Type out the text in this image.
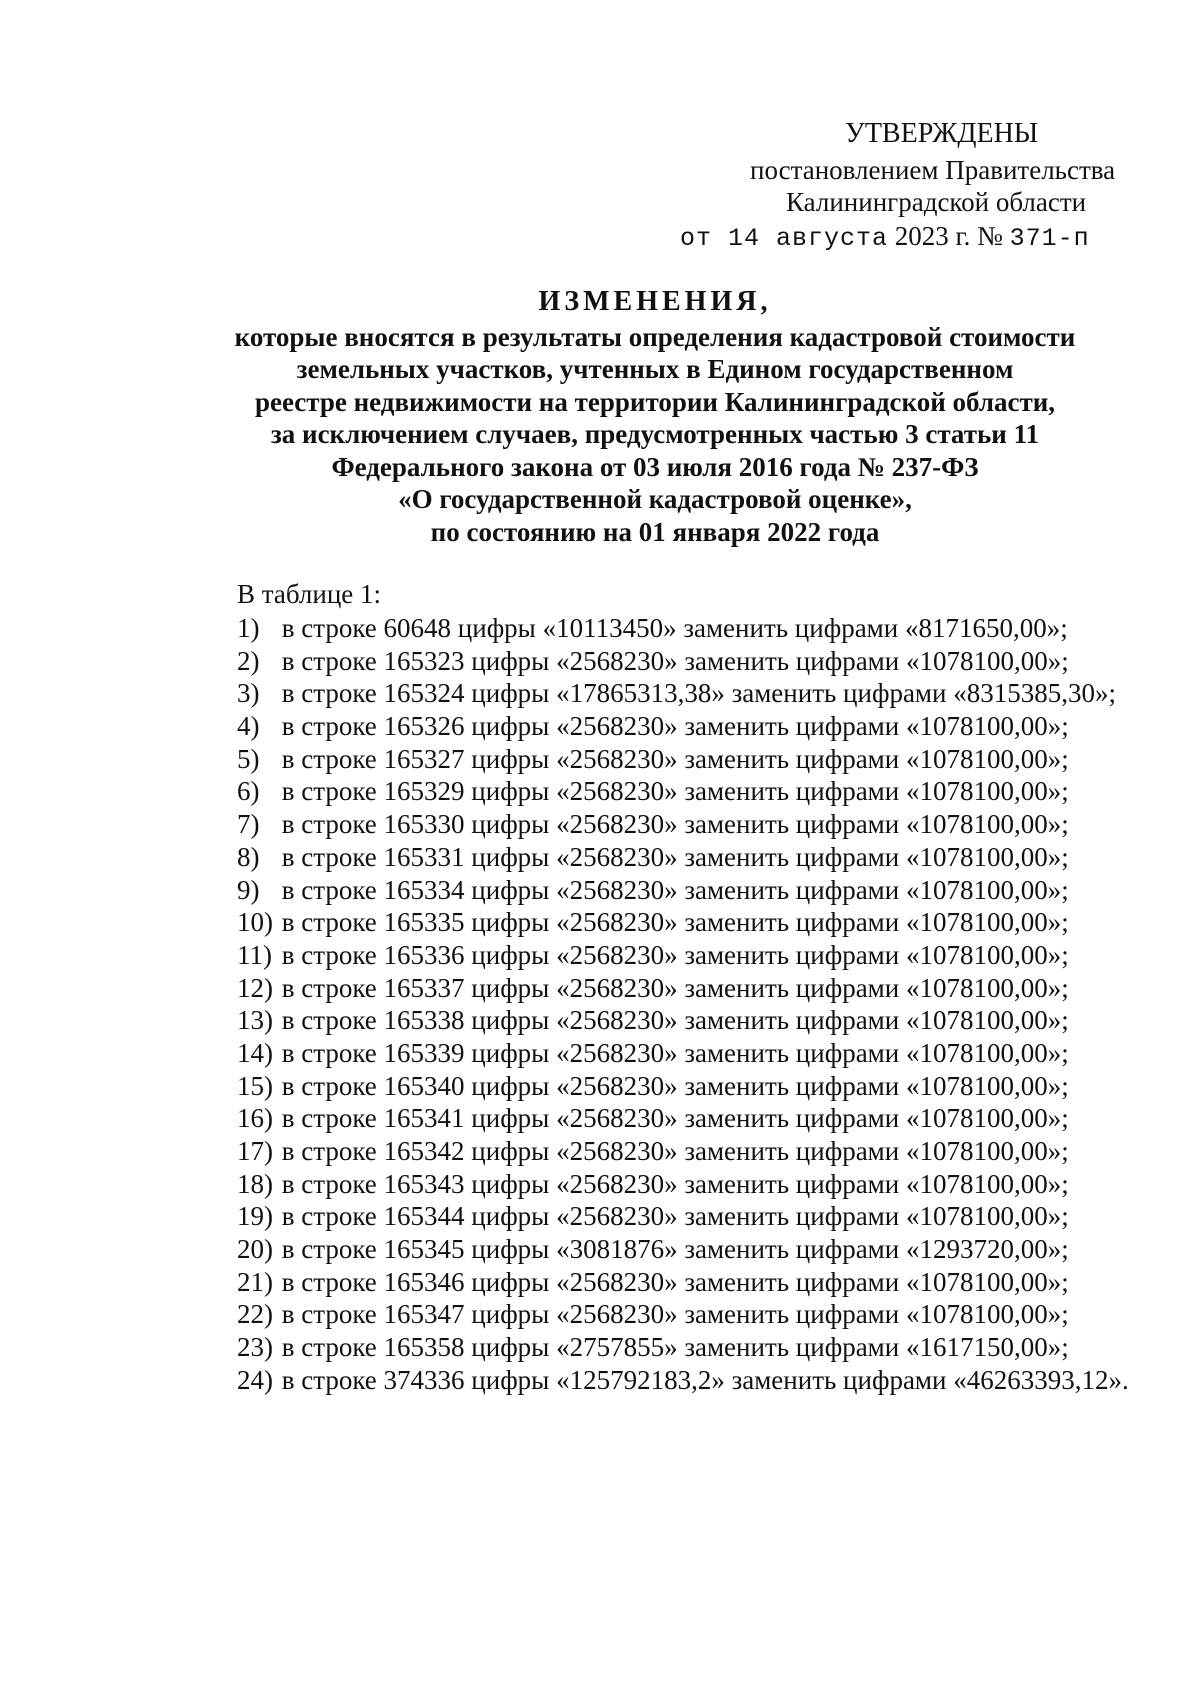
УТВЕРЖДЕНЫ
постановлением Правительства
Калининградской области
от 14 августа 2023 г. № 371-п
ИЗМЕНЕНИЯ,
которые вносятся в результаты определения кадастровой стоимости
земельных участков, учтенных в Едином государственном
реестре недвижимости на территории Калининградской области,
за исключением случаев, предусмотренных частью 3 статьи 11
Федерального закона от 03 июля 2016 года № 237-ФЗ
«О государственной кадастровой оценке»,
по состоянию на 01 января 2022 года
В таблице 1:
1) в строке 60648 цифры «10113450» заменить цифрами «8171650,00»;
2) в строке 165323 цифры «2568230» заменить цифрами «1078100,00»;
3) в строке 165324 цифры «17865313,38» заменить цифрами «8315385,30»;
4) в строке 165326 цифры «2568230» заменить цифрами «1078100,00»;
5) в строке 165327 цифры «2568230» заменить цифрами «1078100,00»;
6) в строке 165329 цифры «2568230» заменить цифрами «1078100,00»;
7) в строке 165330 цифры «2568230» заменить цифрами «1078100,00»;
8) в строке 165331 цифры «2568230» заменить цифрами «1078100,00»;
9) в строке 165334 цифры «2568230» заменить цифрами «1078100,00»;
10) в строке 165335 цифры «2568230» заменить цифрами «1078100,00»;
11) в строке 165336 цифры «2568230» заменить цифрами «1078100,00»;
12) в строке 165337 цифры «2568230» заменить цифрами «1078100,00»;
13) в строке 165338 цифры «2568230» заменить цифрами «1078100,00»;
14) в строке 165339 цифры «2568230» заменить цифрами «1078100,00»;
15) в строке 165340 цифры «2568230» заменить цифрами «1078100,00»;
16) в строке 165341 цифры «2568230» заменить цифрами «1078100,00»;
17) в строке 165342 цифры «2568230» заменить цифрами «1078100,00»;
18) в строке 165343 цифры «2568230» заменить цифрами «1078100,00»;
19) в строке 165344 цифры «2568230» заменить цифрами «1078100,00»;
20) в строке 165345 цифры «3081876» заменить цифрами «1293720,00»;
21) в строке 165346 цифры «2568230» заменить цифрами «1078100,00»;
22) в строке 165347 цифры «2568230» заменить цифрами «1078100,00»;
23) в строке 165358 цифры «2757855» заменить цифрами «1617150,00»;
24) в строке 374336 цифры «125792183,2» заменить цифрами «46263393,12».
